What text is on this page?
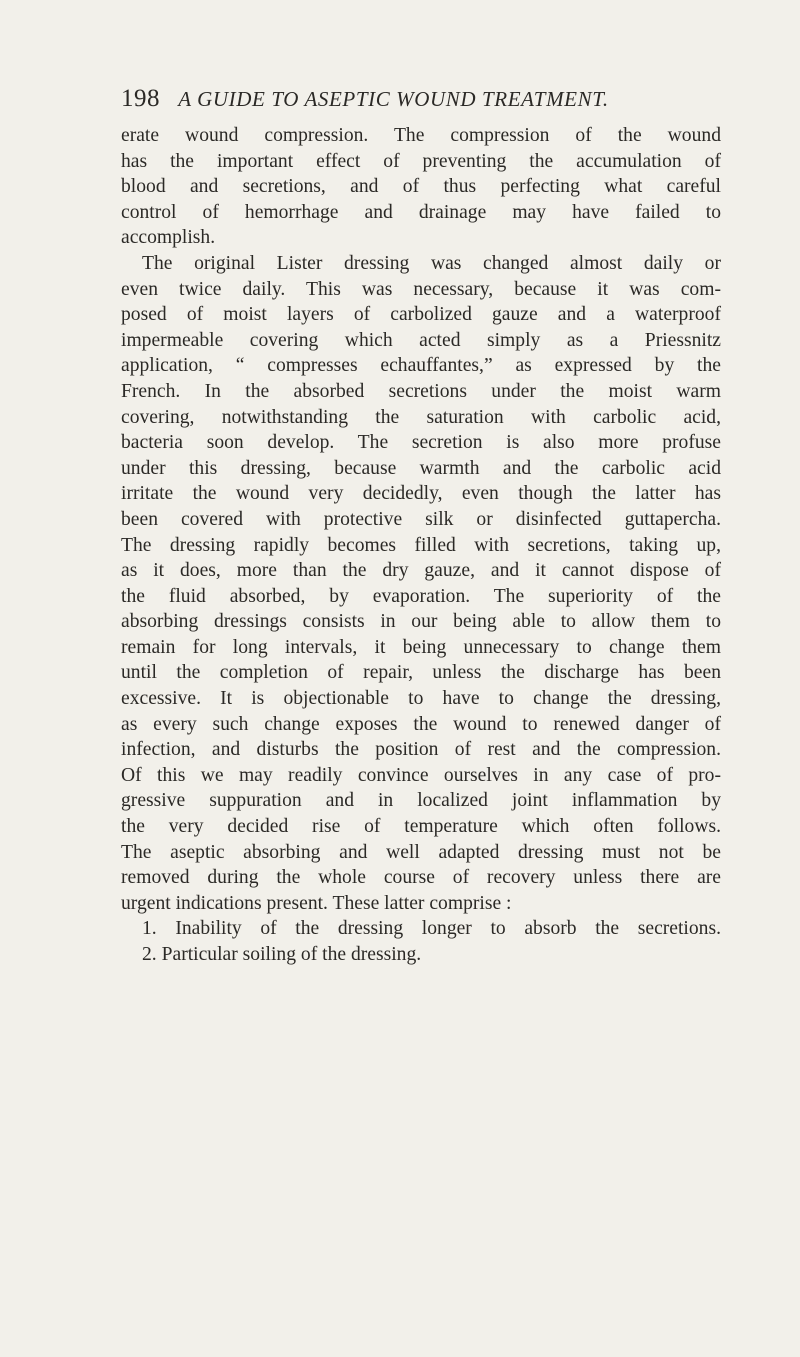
198 A GUIDE TO ASEPTIC WOUND TREATMENT.

erate wound compression. The compression of the wound

has the important effect of preventing the accumulation of

blood and secretions, and of thus perfecting what careful

control of hemorrhage and drainage may have failed to

accomplish.

The original Lister dressing was changed almost daily or

even twice daily. This was necessary, because it was com-

posed of moist layers of carbolized gauze and a waterproof

impermeable covering which acted simply as a Priessnitz

application, “ compresses echauffantes,” as expressed by the

French. In the absorbed secretions under the moist warm

covering, notwithstanding the saturation with carbolic acid,

bacteria soon develop. The secretion is also more profuse

under this dressing, because warmth and the carbolic acid

irritate the wound very decidedly, even though the latter has

been covered with protective silk or disinfected guttapercha.

The dressing rapidly becomes filled with secretions, taking up,

as it does, more than the dry gauze, and it cannot dispose of

the fluid absorbed, by evaporation. The superiority of the

absorbing dressings consists in our being able to allow them to

remain for long intervals, it being unnecessary to change them

until the completion of repair, unless the discharge has been

excessive. It is objectionable to have to change the dressing,

as every such change exposes the wound to renewed danger of

infection, and disturbs the position of rest and the compression.

Of this we may readily convince ourselves in any case of pro-

gressive suppuration and in localized joint inflammation by

the very decided rise of temperature which often follows.

The aseptic absorbing and well adapted dressing must not be

removed during the whole course of recovery unless there are

urgent indications present. These latter comprise :

1. Inability of the dressing longer to absorb the secretions.

2. Particular soiling of the dressing.
